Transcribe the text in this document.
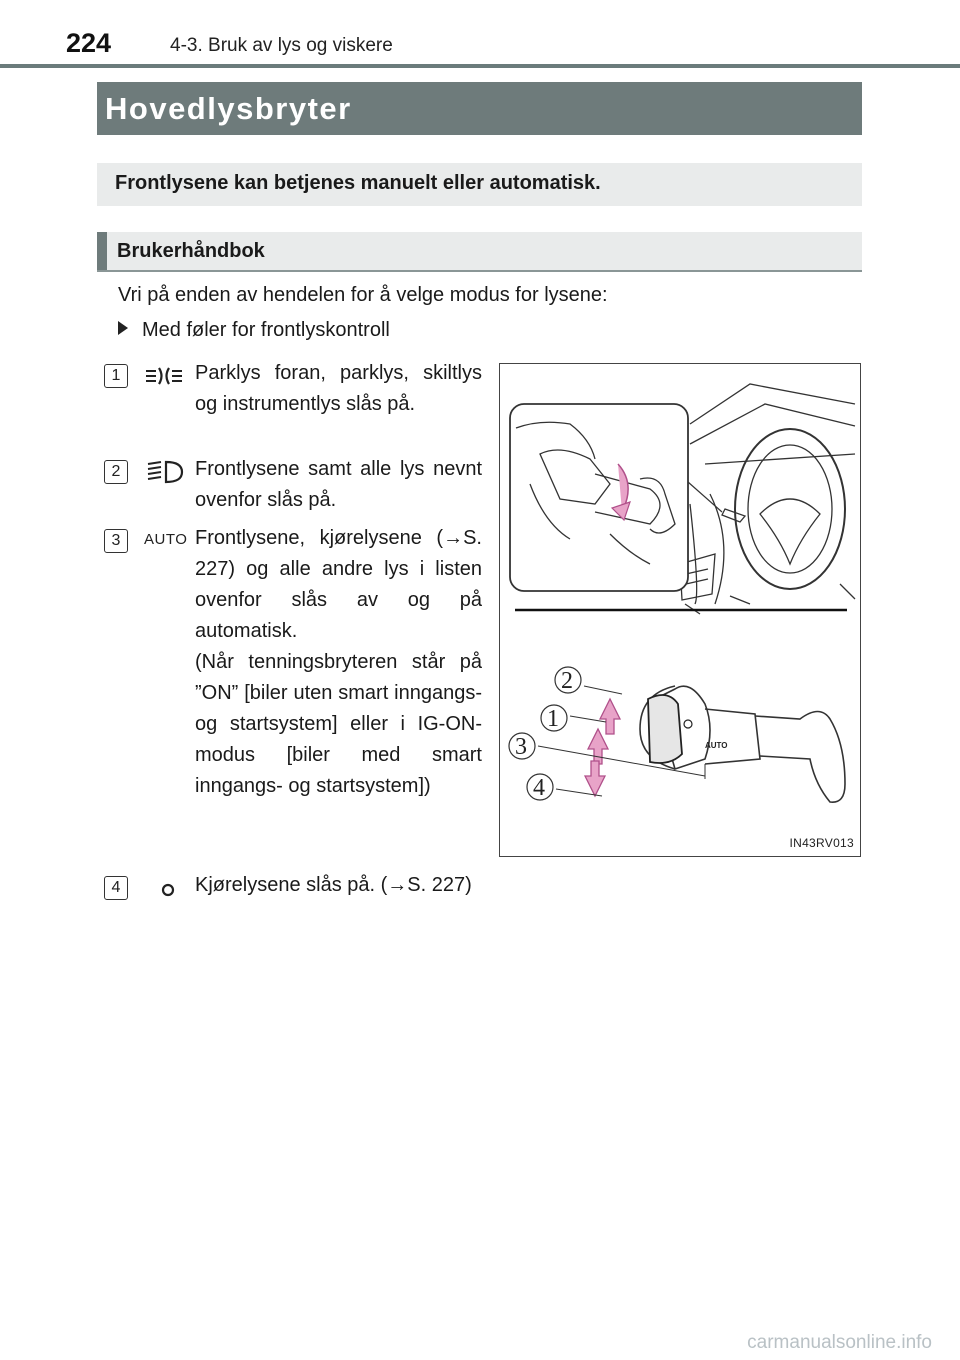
224	4-3. Bruk av lys og viskere
Hovedlysbryter
Frontlysene kan betjenes manuelt eller automatisk.
Brukerhåndbok
Vri på enden av hendelen for å velge modus for lysene:
Med føler for frontlyskontroll
1	Parklys foran, parklys, skiltlys og instrumentlys slås på.

2	Frontlysene samt alle lys nevnt ovenfor slås på.

3	AUTO Frontlysene, kjørelysene (→S. 227) og alle andre lys i listen ovenfor slås av og på automatisk.

(Når tenningsbryteren står på ”ON” [biler uten smart inngangs- og startsystem] eller i IG-ON-modus [biler med smart inngangs- og startsystem])

4	Kjørelysene slås på. (→S. 227)

AUTO
2
1
3
4
IN43RV013
carmanualsonline.info
